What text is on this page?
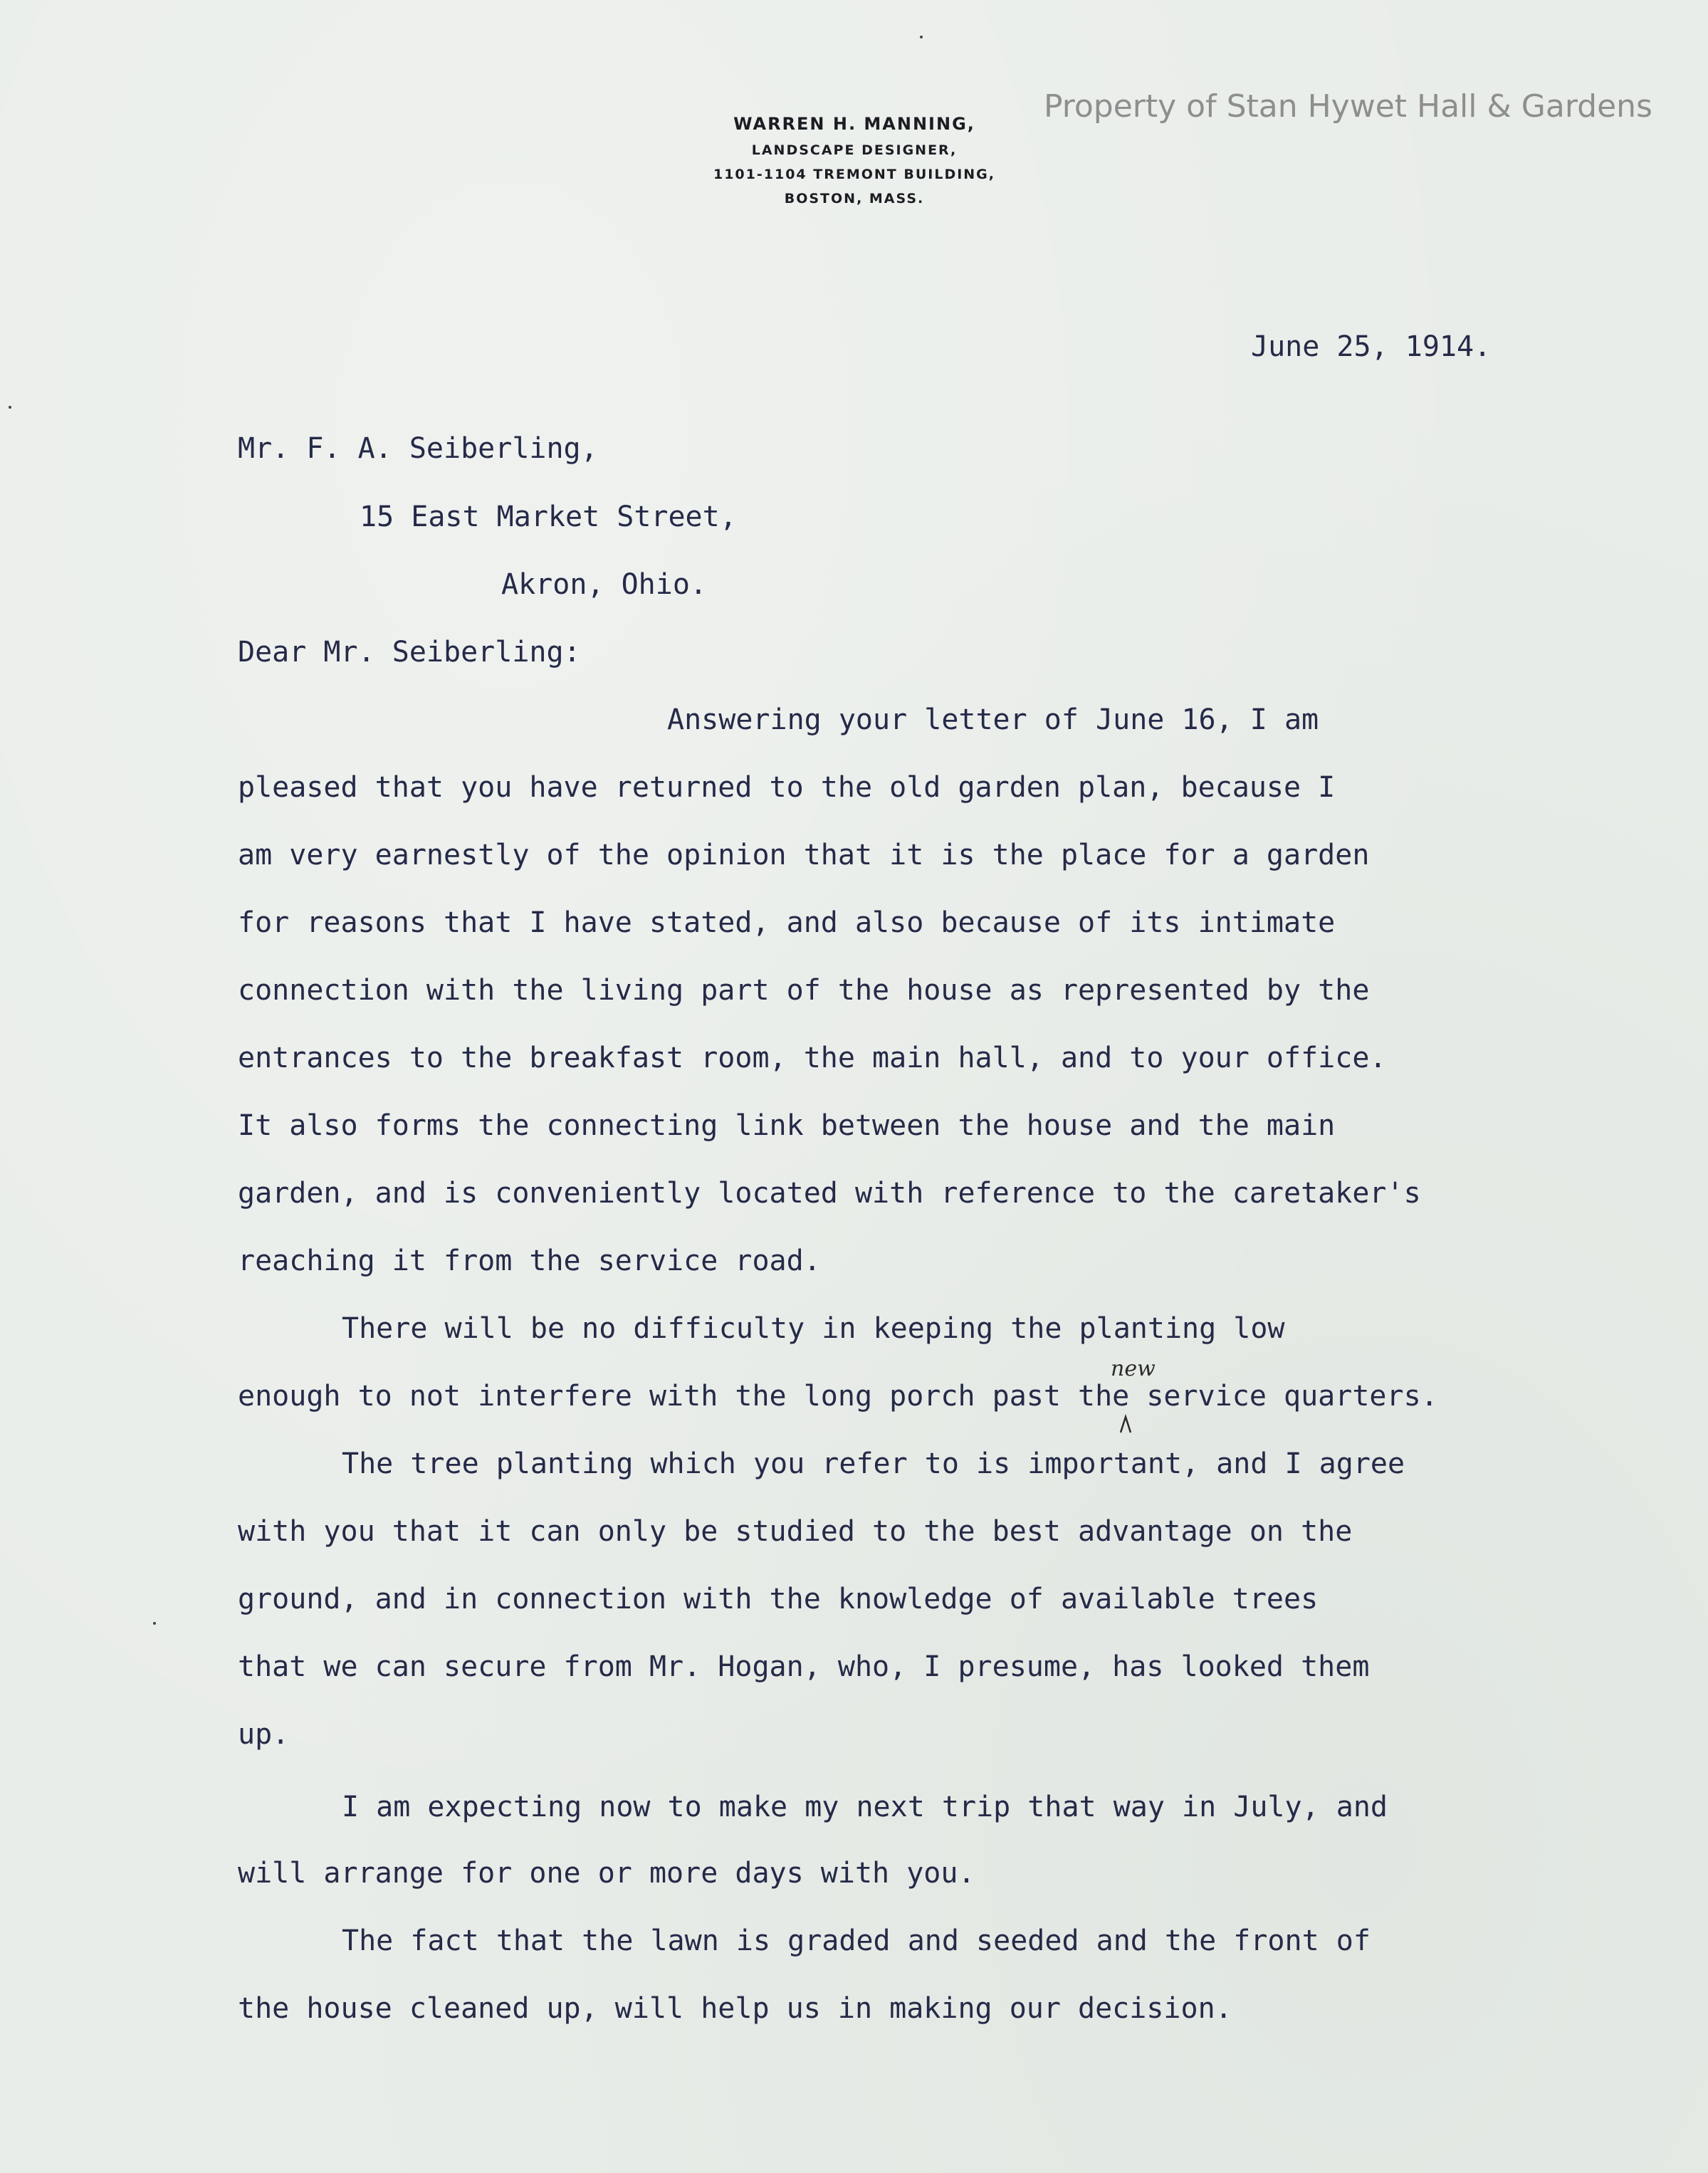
Property of Stan Hywet Hall & Gardens
WARREN H. MANNING,
LANDSCAPE DESIGNER,
1101-1104 TREMONT BUILDING,
BOSTON, MASS.
June 25, 1914.
Mr. F. A. Seiberling,
15 East Market Street,
Akron, Ohio.
Dear Mr. Seiberling:
Answering your letter of June 16, I am
pleased that you have returned to the old garden plan, because I
am very earnestly of the opinion that it is the place for a garden
for reasons that I have stated, and also because of its intimate
connection with the living part of the house as represented by the
entrances to the breakfast room, the main hall, and to your office.
It also forms the connecting link between the house and the main
garden, and is conveniently located with reference to the caretaker's
reaching it from the service road.
There will be no difficulty in keeping the planting low
enough to not interfere with the long porch past the service quarters.
new
The tree planting which you refer to is important, and I agree
with you that it can only be studied to the best advantage on the
ground, and in connection with the knowledge of available trees
that we can secure from Mr. Hogan, who, I presume, has looked them
up.
I am expecting now to make my next trip that way in July, and
will arrange for one or more days with you.
The fact that the lawn is graded and seeded and the front of
the house cleaned up, will help us in making our decision.
